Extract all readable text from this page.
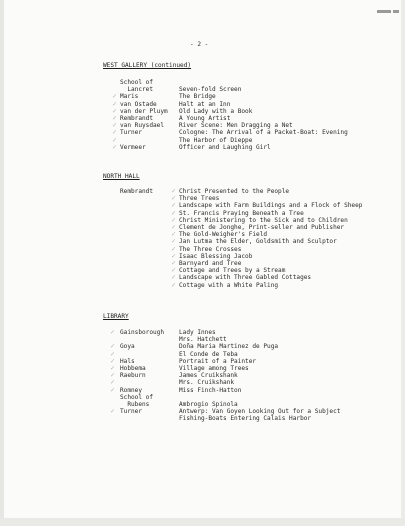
- 2 -
WEST GALLERY (continued)
School of
Lancret	Seven-fold Screen
Maris	The Bridge
✓
van Ostade	Halt at an Inn
✓
van der Pluym Old Lady with a Book
✓
Rembrandt	A Young Artist
✓
van Ruysdael River Scene: Men Dragging a Net
✓
Turner	Cologne: The Arrival of a Packet-Boat: Evening
✓
The Harbor of Dieppe
✓
Vermeer	Officer and Laughing Girl
✓
NORTH HALL
Rembrandt	✓ Christ Presented to the People
✓ Three Trees
✓ Landscape with Farm Buildings and a Flock of Sheep
✓ St. Francis Praying Beneath a Tree
✓ Christ Ministering to the Sick and to Children
✓ Clement de Jonghe, Print-seller and Publisher
✓ The Gold-Weigher's Field
✓ Jan Lutma the Elder, Goldsmith and Sculptor
✓ The Three Crosses
✓ Isaac Blessing Jacob
✓ Barnyard and Tree
✓ Cottage and Trees by a Stream
✓ Landscape with Three Gabled Cottages
✓ Cottage with a White Paling
LIBRARY
Gainsborough Lady Innes
✓
Mrs. Hatchett
Goya	Doña Maria Martinez de Puga
✓
El Conde de Teba
✓
Hals	Portrait of a Painter
✓
Hobbema	Village among Trees
✓
Raeburn	James Cruikshank
✓
Mrs. Cruikshank
✓
Romney	Miss Finch-Hatton
✓
School of
Rubens	Ambrogio Spinola
Turner	Antwerp: Van Goyen Looking Out for a Subject
✓
Fishing-Boats Entering Calais Harbor
